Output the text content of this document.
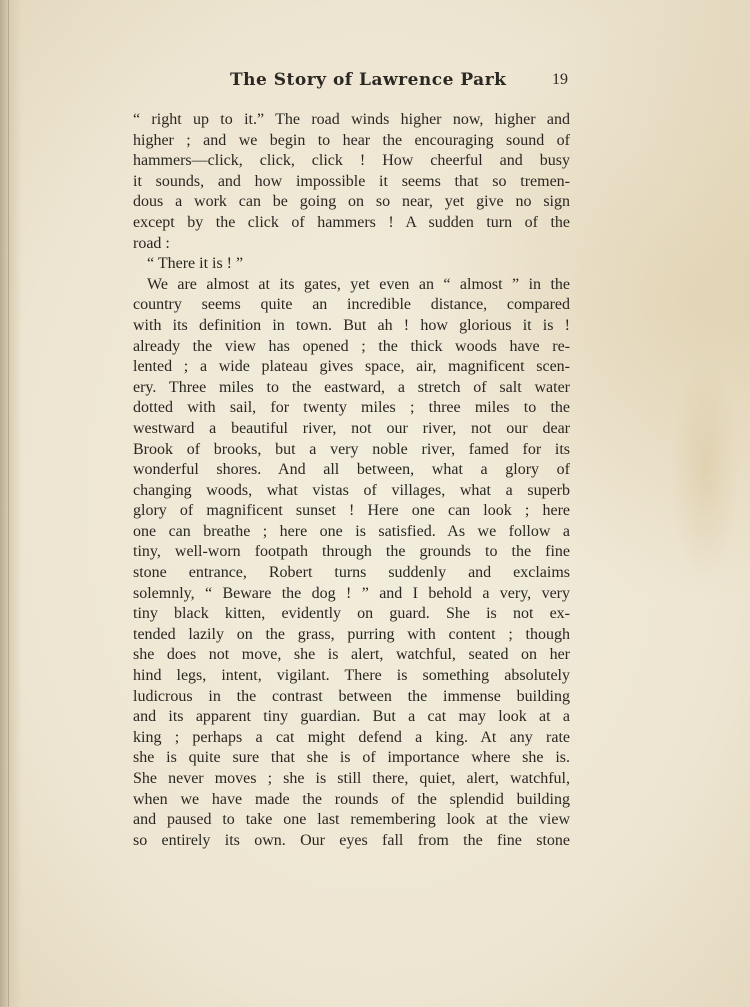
The Story of Lawrence Park	19
“ right up to it.” The road winds higher now, higher and
higher ; and we begin to hear the encouraging sound of
hammers—click, click, click ! How cheerful and busy
it sounds, and how impossible it seems that so tremen-
dous a work can be going on so near, yet give no sign
except by the click of hammers ! A sudden turn of the
road :
“ There it is ! ”
We are almost at its gates, yet even an “ almost ” in the
country seems quite an incredible distance, compared
with its definition in town. But ah ! how glorious it is !
already the view has opened ; the thick woods have re-
lented ; a wide plateau gives space, air, magnificent scen-
ery. Three miles to the eastward, a stretch of salt water
dotted with sail, for twenty miles ; three miles to the
westward a beautiful river, not our river, not our dear
Brook of brooks, but a very noble river, famed for its
wonderful shores. And all between, what a glory of
changing woods, what vistas of villages, what a superb
glory of magnificent sunset ! Here one can look ; here
one can breathe ; here one is satisfied. As we follow a
tiny, well-worn footpath through the grounds to the fine
stone entrance, Robert turns suddenly and exclaims
solemnly, “ Beware the dog ! ” and I behold a very, very
tiny black kitten, evidently on guard. She is not ex-
tended lazily on the grass, purring with content ; though
she does not move, she is alert, watchful, seated on her
hind legs, intent, vigilant. There is something absolutely
ludicrous in the contrast between the immense building
and its apparent tiny guardian. But a cat may look at a
king ; perhaps a cat might defend a king. At any rate
she is quite sure that she is of importance where she is.
She never moves ; she is still there, quiet, alert, watchful,
when we have made the rounds of the splendid building
and paused to take one last remembering look at the view
so entirely its own. Our eyes fall from the fine stone
